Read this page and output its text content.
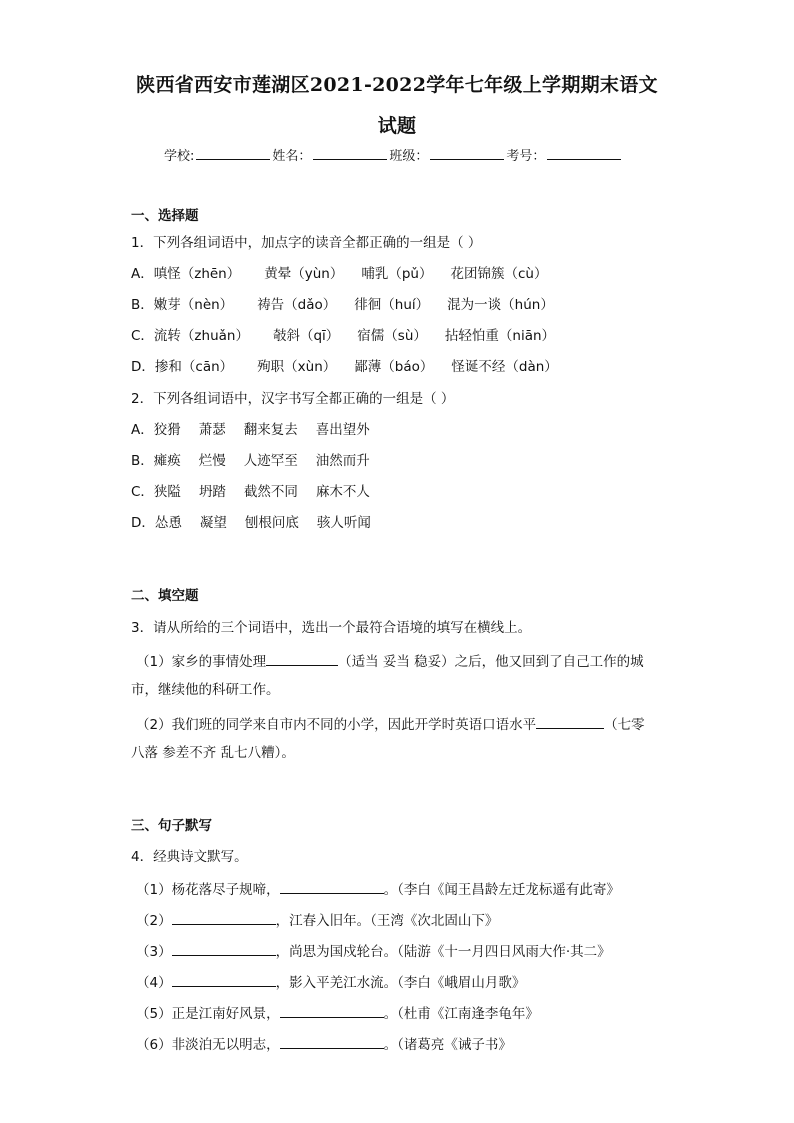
陕西省西安市莲湖区2021-2022学年七年级上学期期末语文
试题
学校:	姓名：	班级：	考号：
一、选择题
1．下列各组词语中，加点字的读音全都正确的一组是（ ）
A．嗔怪（zhēn） 黄晕（yùn） 哺乳（pǔ） 花团锦簇（cù）
B．嫩芽（nèn） 祷告（dǎo） 徘徊（huí） 混为一谈（hún）
C．流转（zhuǎn） 攲斜（qī） 宿儒（sù） 拈轻怕重（niān）
D．掺和（cān） 殉职（xùn） 鄙薄（báo） 怪诞不经（dàn）
2．下列各组词语中，汉字书写全都正确的一组是（ ）
A．狡猾 萧瑟 翻来复去 喜出望外
B．瘫痪 烂慢 人迹罕至 油然而升
C．狭隘 坍踏 截然不同 麻木不人
D．怂恿 凝望 刨根问底 骇人听闻
二、填空题
3．请从所给的三个词语中，选出一个最符合语境的填写在横线上。
（1）家乡的事情处理	（适当 妥当 稳妥）之后，他又回到了自己工作的城
市，继续他的科研工作。
（2）我们班的同学来自市内不同的小学，因此开学时英语口语水平	（七零
八落 参差不齐 乱七八糟）。
三、句子默写
4．经典诗文默写。
（1）杨花落尽子规啼，	。（李白《闻王昌龄左迁龙标遥有此寄》
（2）	，江春入旧年。（王湾《次北固山下》
（3）	，尚思为国戍轮台。（陆游《十一月四日风雨大作·其二》
（4）	，影入平羌江水流。（李白《峨眉山月歌》
（5）正是江南好风景，	。（杜甫《江南逢李龟年》
（6）非淡泊无以明志，	。（诸葛亮《诫子书》
